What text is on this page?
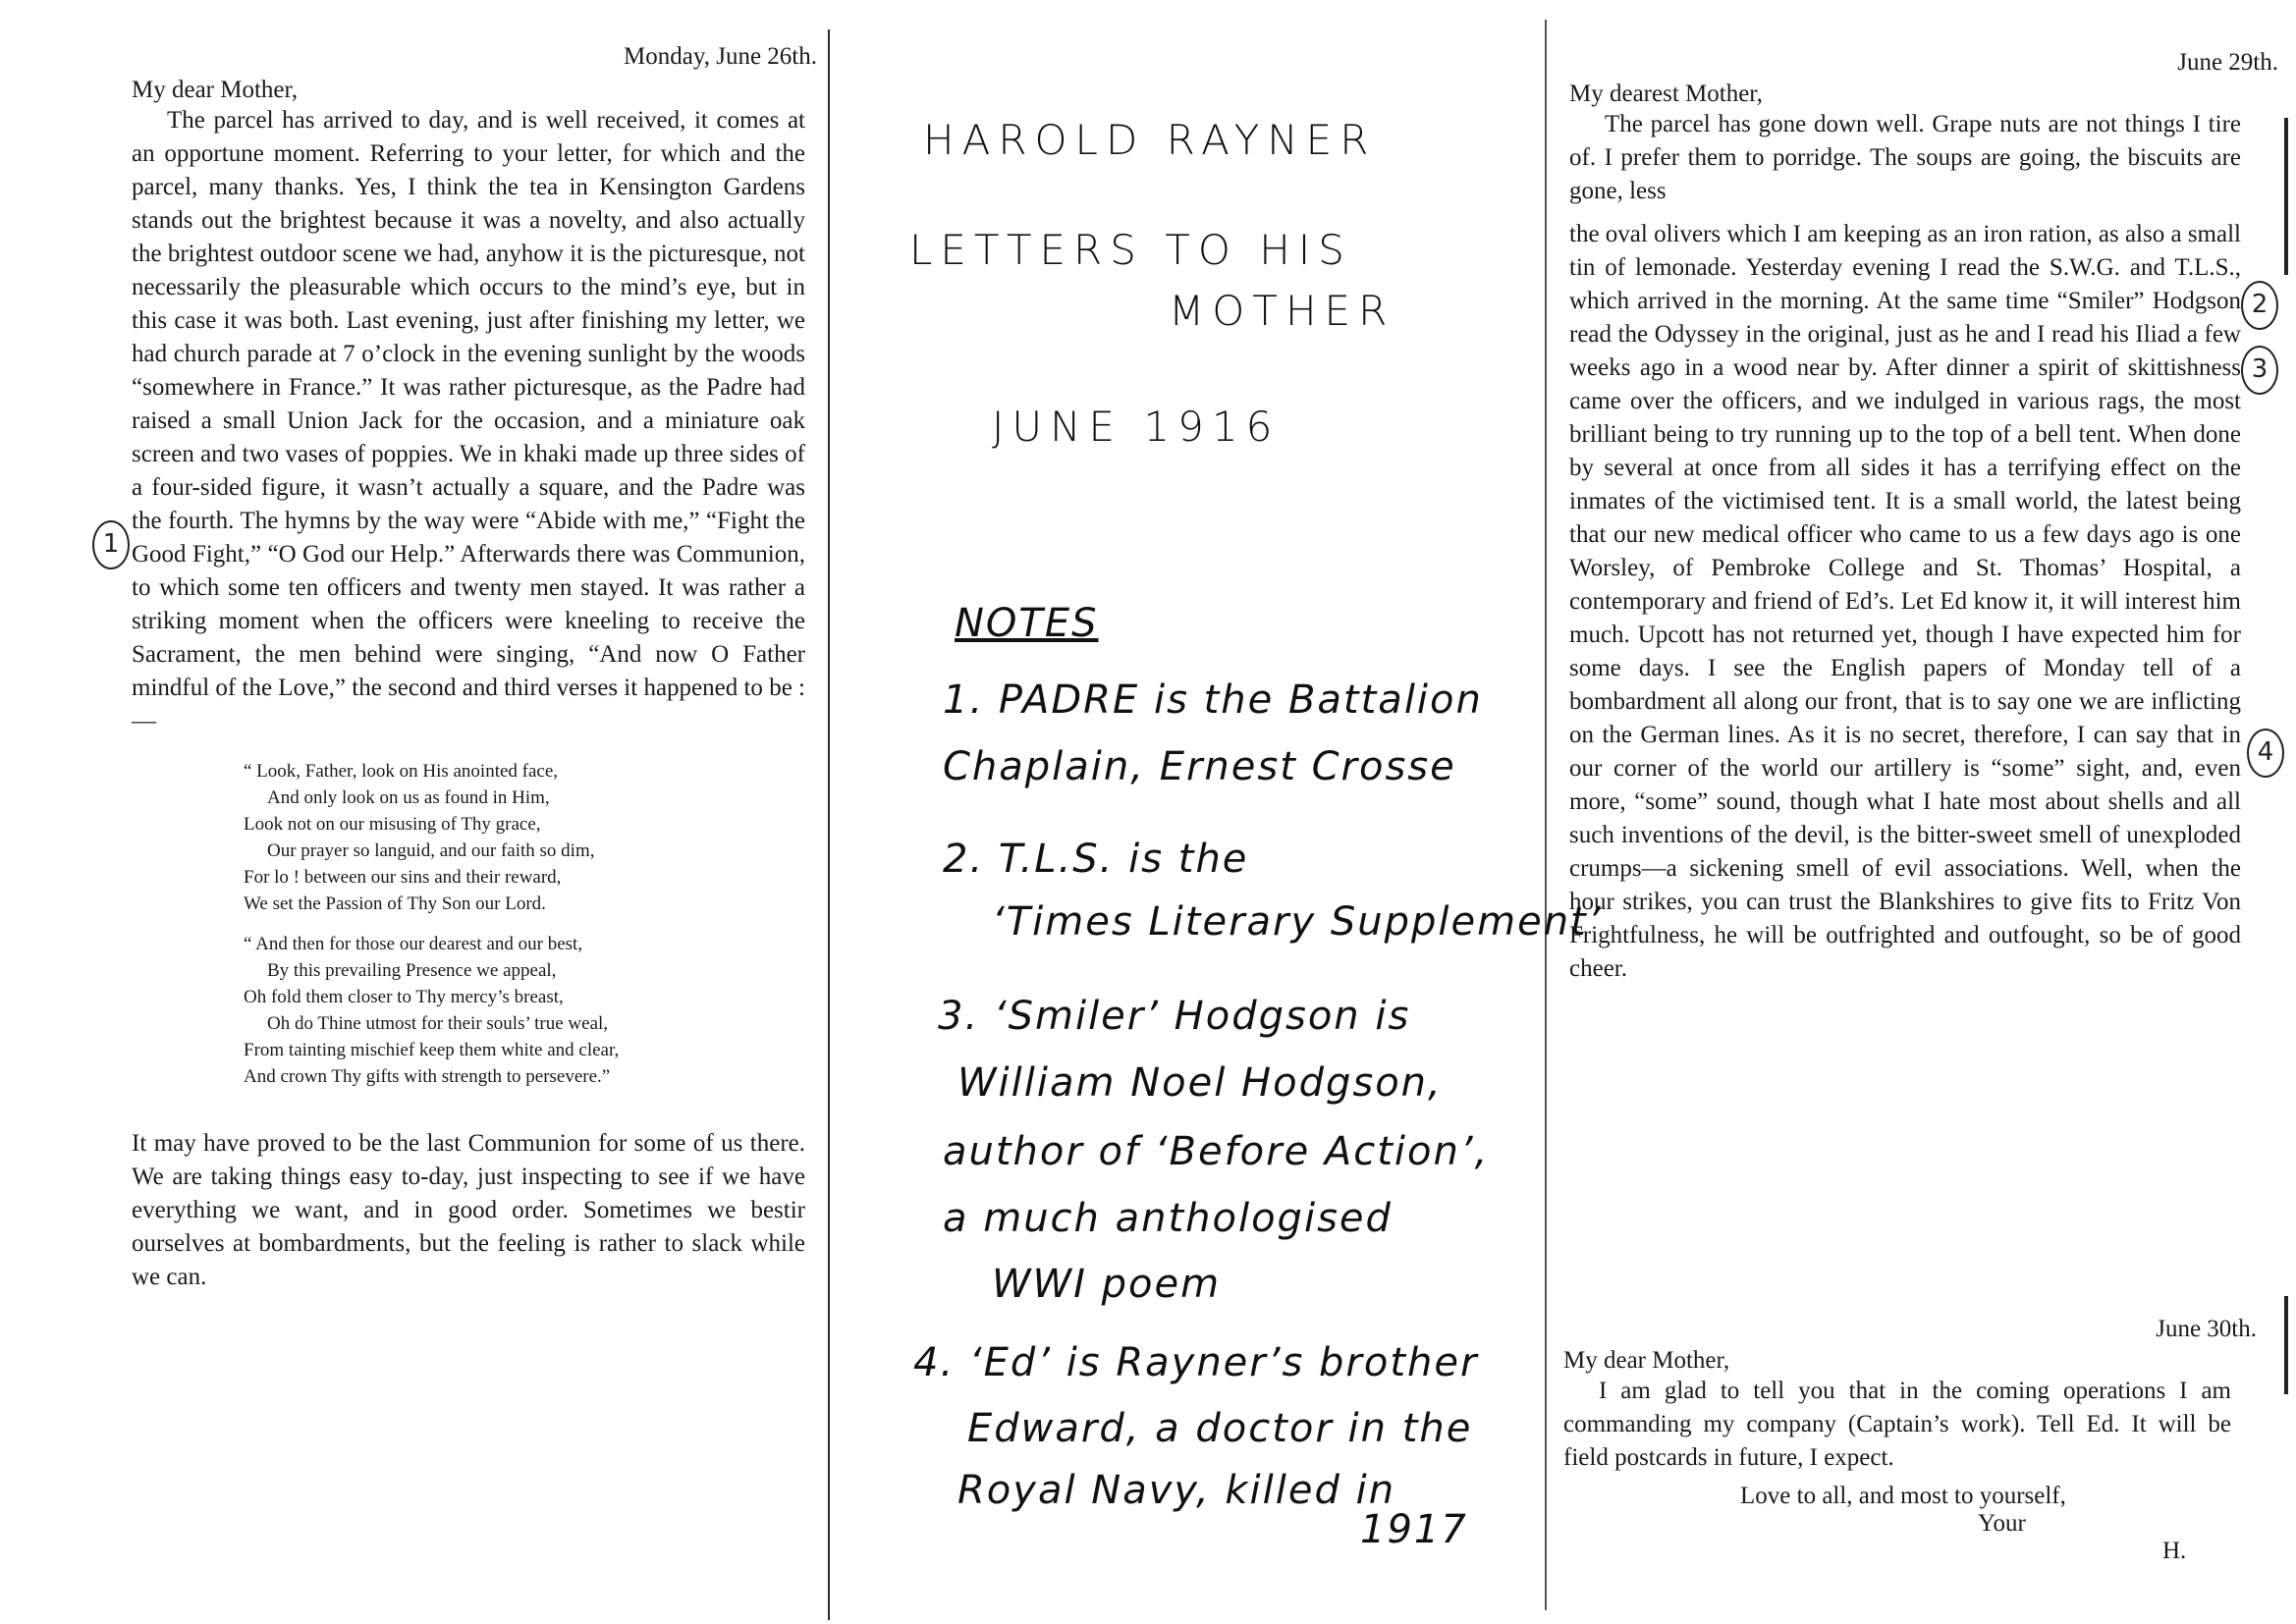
Monday, June 26th.
My dear Mother,

The parcel has arrived to day, and is well received, it comes at an opportune moment. Referring to your letter, for which and the parcel, many thanks. Yes, I think the tea in Kensington Gardens stands out the brightest because it was a novelty, and also actually the brightest outdoor scene we had, anyhow it is the picturesque, not necessarily the pleasurable which occurs to the mind’s eye, but in this case it was both. Last evening, just after finishing my letter, we had church parade at 7 o’clock in the evening sunlight by the woods “somewhere in France.” It was rather picturesque, as the Padre had raised a small Union Jack for the occasion, and a miniature oak screen and two vases of poppies. We in khaki made up three sides of a four-sided figure, it wasn’t actually a square, and the Padre was the fourth. The hymns by the way were “Abide with me,” “Fight the Good Fight,” “O God our Help.” Afterwards there was Communion, to which some ten officers and twenty men stayed. It was rather a striking moment when the officers were kneeling to receive the Sacrament, the men behind were singing, “And now O Father mindful of the Love,” the second and third verses it happened to be :—

“ Look, Father, look on His anointed face,
And only look on us as found in Him,
Look not on our misusing of Thy grace,
Our prayer so languid, and our faith so dim,
For lo ! between our sins and their reward,
We set the Passion of Thy Son our Lord.
“ And then for those our dearest and our best,
By this prevailing Presence we appeal,
Oh fold them closer to Thy mercy’s breast,
Oh do Thine utmost for their souls’ true weal,
From tainting mischief keep them white and clear,
And crown Thy gifts with strength to persevere.”

It may have proved to be the last Communion for some of us there. We are taking things easy to-day, just inspecting to see if we have everything we want, and in good order. Sometimes we bestir ourselves at bombardments, but the feeling is rather to slack while we can.

1
2
3
4
HAROLD RAYNER
LETTERS TO HIS
MOTHER
JUNE 1916
NOTES
1. PADRE is the Battalion
Chaplain, Ernest Crosse
2. T.L.S. is the
‘Times Literary Supplement’
3. ‘Smiler’ Hodgson is
William Noel Hodgson,
author of ‘Before Action’,
a much anthologised
WWI poem
4. ‘Ed’ is Rayner’s brother
Edward, a doctor in the
Royal Navy, killed in
1917
June 29th.
My dearest Mother,

The parcel has gone down well. Grape nuts are not things I tire of. I prefer them to porridge. The soups are going, the biscuits are gone, less

the oval olivers which I am keeping as an iron ration, as also a small tin of lemonade. Yesterday evening I read the S.W.G. and T.L.S., which arrived in the morning. At the same time “Smiler” Hodgson read the Odyssey in the original, just as he and I read his Iliad a few weeks ago in a wood near by. After dinner a spirit of skittishness came over the officers, and we indulged in various rags, the most brilliant being to try running up to the top of a bell tent. When done by several at once from all sides it has a terrifying effect on the inmates of the victimised tent. It is a small world, the latest being that our new medical officer who came to us a few days ago is one Worsley, of Pembroke College and St. Thomas’ Hospital, a contemporary and friend of Ed’s. Let Ed know it, it will interest him much. Upcott has not returned yet, though I have expected him for some days. I see the English papers of Monday tell of a bombardment all along our front, that is to say one we are inflicting on the German lines. As it is no secret, therefore, I can say that in our corner of the world our artillery is “some” sight, and, even more, “some” sound, though what I hate most about shells and all such inventions of the devil, is the bitter-sweet smell of unexploded crumps—a sickening smell of evil associations. Well, when the hour strikes, you can trust the Blankshires to give fits to Fritz Von Frightfulness, he will be outfrighted and outfought, so be of good cheer.

June 30th.
My dear Mother,

I am glad to tell you that in the coming operations I am commanding my company (Captain’s work). Tell Ed. It will be field postcards in future, I expect.

Love to all, and most to yourself,
Your
H.
